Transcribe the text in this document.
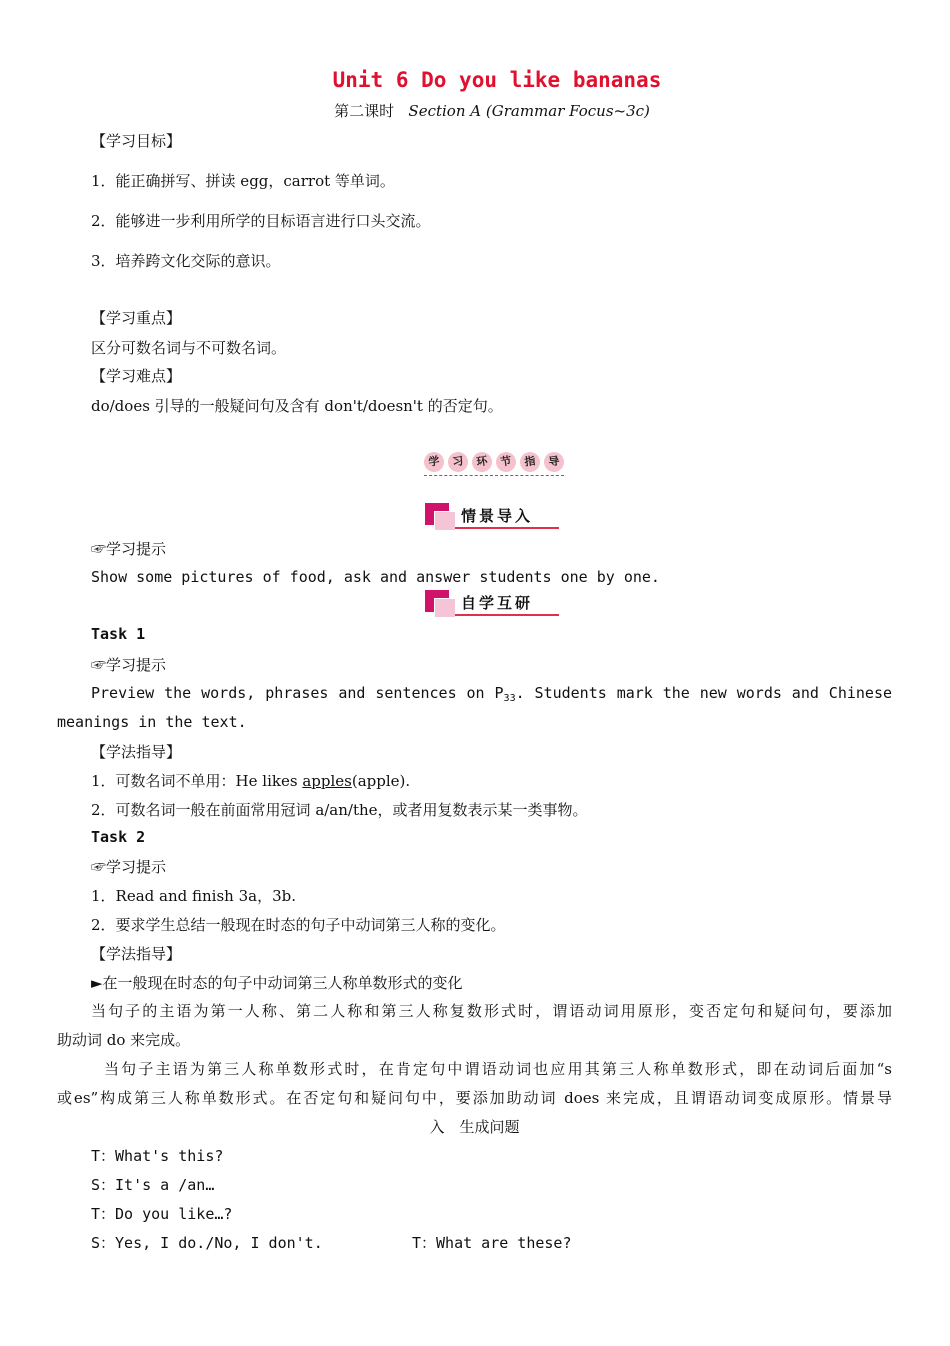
Unit 6 Do you like bananas
第二课时 Section A (Grammar Focus~3c)
【学习目标】
1．能正确拼写、拼读 egg，carrot 等单词。
2．能够进一步利用所学的目标语言进行口头交流。
3．培养跨文化交际的意识。
【学习重点】
区分可数名词与不可数名词。
【学习难点】
do/does 引导的一般疑问句及含有 don't/doesn't 的否定句。
学	习	环	节	指	导
情景导入
☞学习提示
Show some pictures of food, ask and answer students one by one.
自学互研
Task 1
☞学习提示
Preview the words, phrases and sentences on $P_{33}$. Students mark the new words and Chinese
meanings in the text.
【学法指导】
1．可数名词不单用：He likes apples(apple).
2．可数名词一般在前面常用冠词 a/an/the，或者用复数表示某一类事物。
Task 2
☞学习提示
1．Read and finish 3a，3b.
2．要求学生总结一般现在时态的句子中动词第三人称的变化。
【学法指导】
►在一般现在时态的句子中动词第三人称单数形式的变化
当句子的主语为第一人称、第二人称和第三人称复数形式时，谓语动词用原形，变否定句和疑问句，要添加
助动词 do 来完成。
当句子主语为第三人称单数形式时，在肯定句中谓语动词也应用其第三人称单数形式，即在动词后面加“s
或es”构成第三人称单数形式。在否定句和疑问句中，要添加助动词 does 来完成，且谓语动词变成原形。情景导
入　生成问题
T：What's this?
S：It's a /an…
T：Do you like…?
S：Yes, I do./No, I don't.	T：What are these?
